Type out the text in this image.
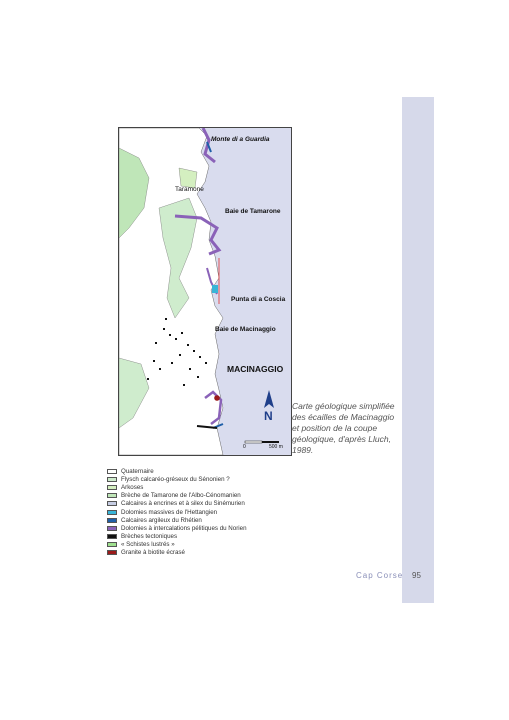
N
Monte di a Guardia
Taramone
Baie de Tamarone
Punta di a Coscia
Baie de Macinaggio
MACINAGGIO
0	500 m
Carte géologique simplifiée des écailles de Macinaggio et position de la coupe géologique, d'après Lluch, 1989.
Quaternaire
Flysch calcaréo-gréseux du Sénonien ?
Arkoses
Brèche de Tamarone de l'Albo-Cénomanien
Calcaires à encrines et à silex du Sinémurien
Dolomies massives de l'Hettangien
Calcaires argileux du Rhétien
Dolomies à intercalations pélitiques du Norien
Brèches tectoniques
« Schistes lustrés »
Granite à biotite écrasé
Cap Corse 95
